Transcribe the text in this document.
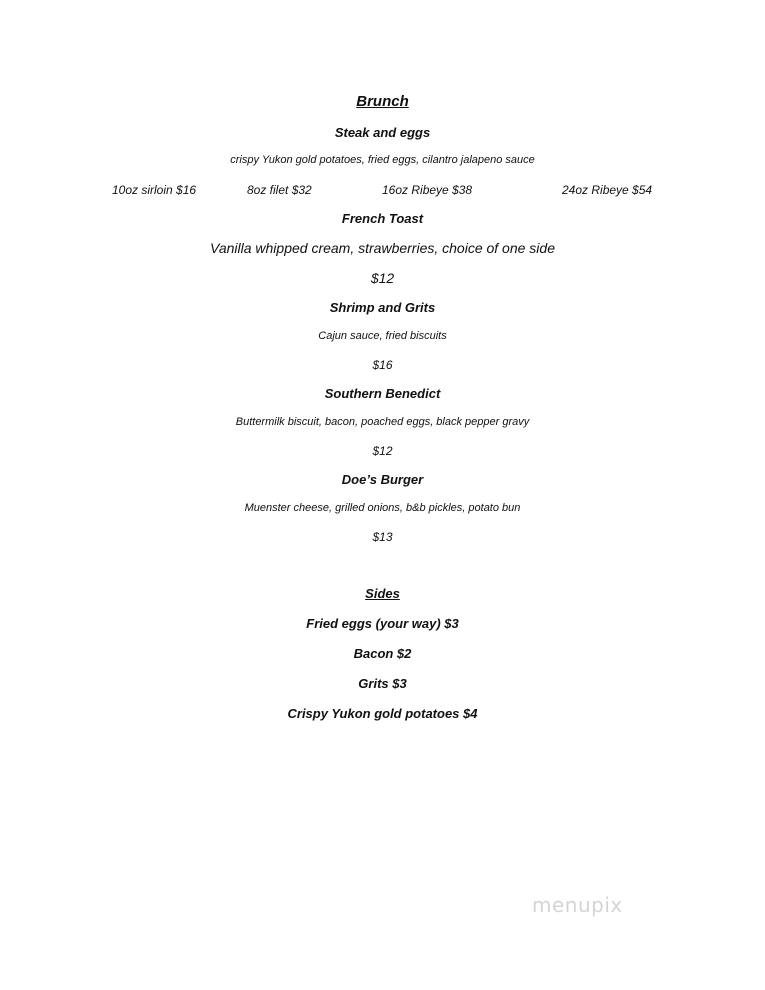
Brunch
Steak and eggs
crispy Yukon gold potatoes, fried eggs, cilantro jalapeno sauce
10oz sirloin $16	8oz filet $32	16oz Ribeye $38	24oz Ribeye $54
French Toast
Vanilla whipped cream, strawberries, choice of one side
$12
Shrimp and Grits
Cajun sauce, fried biscuits
$16
Southern Benedict
Buttermilk biscuit, bacon, poached eggs, black pepper gravy
$12
Doe’s Burger
Muenster cheese, grilled onions, b&b pickles, potato bun
$13
Sides
Fried eggs (your way) $3
Bacon $2
Grits $3
Crispy Yukon gold potatoes $4
menupix
